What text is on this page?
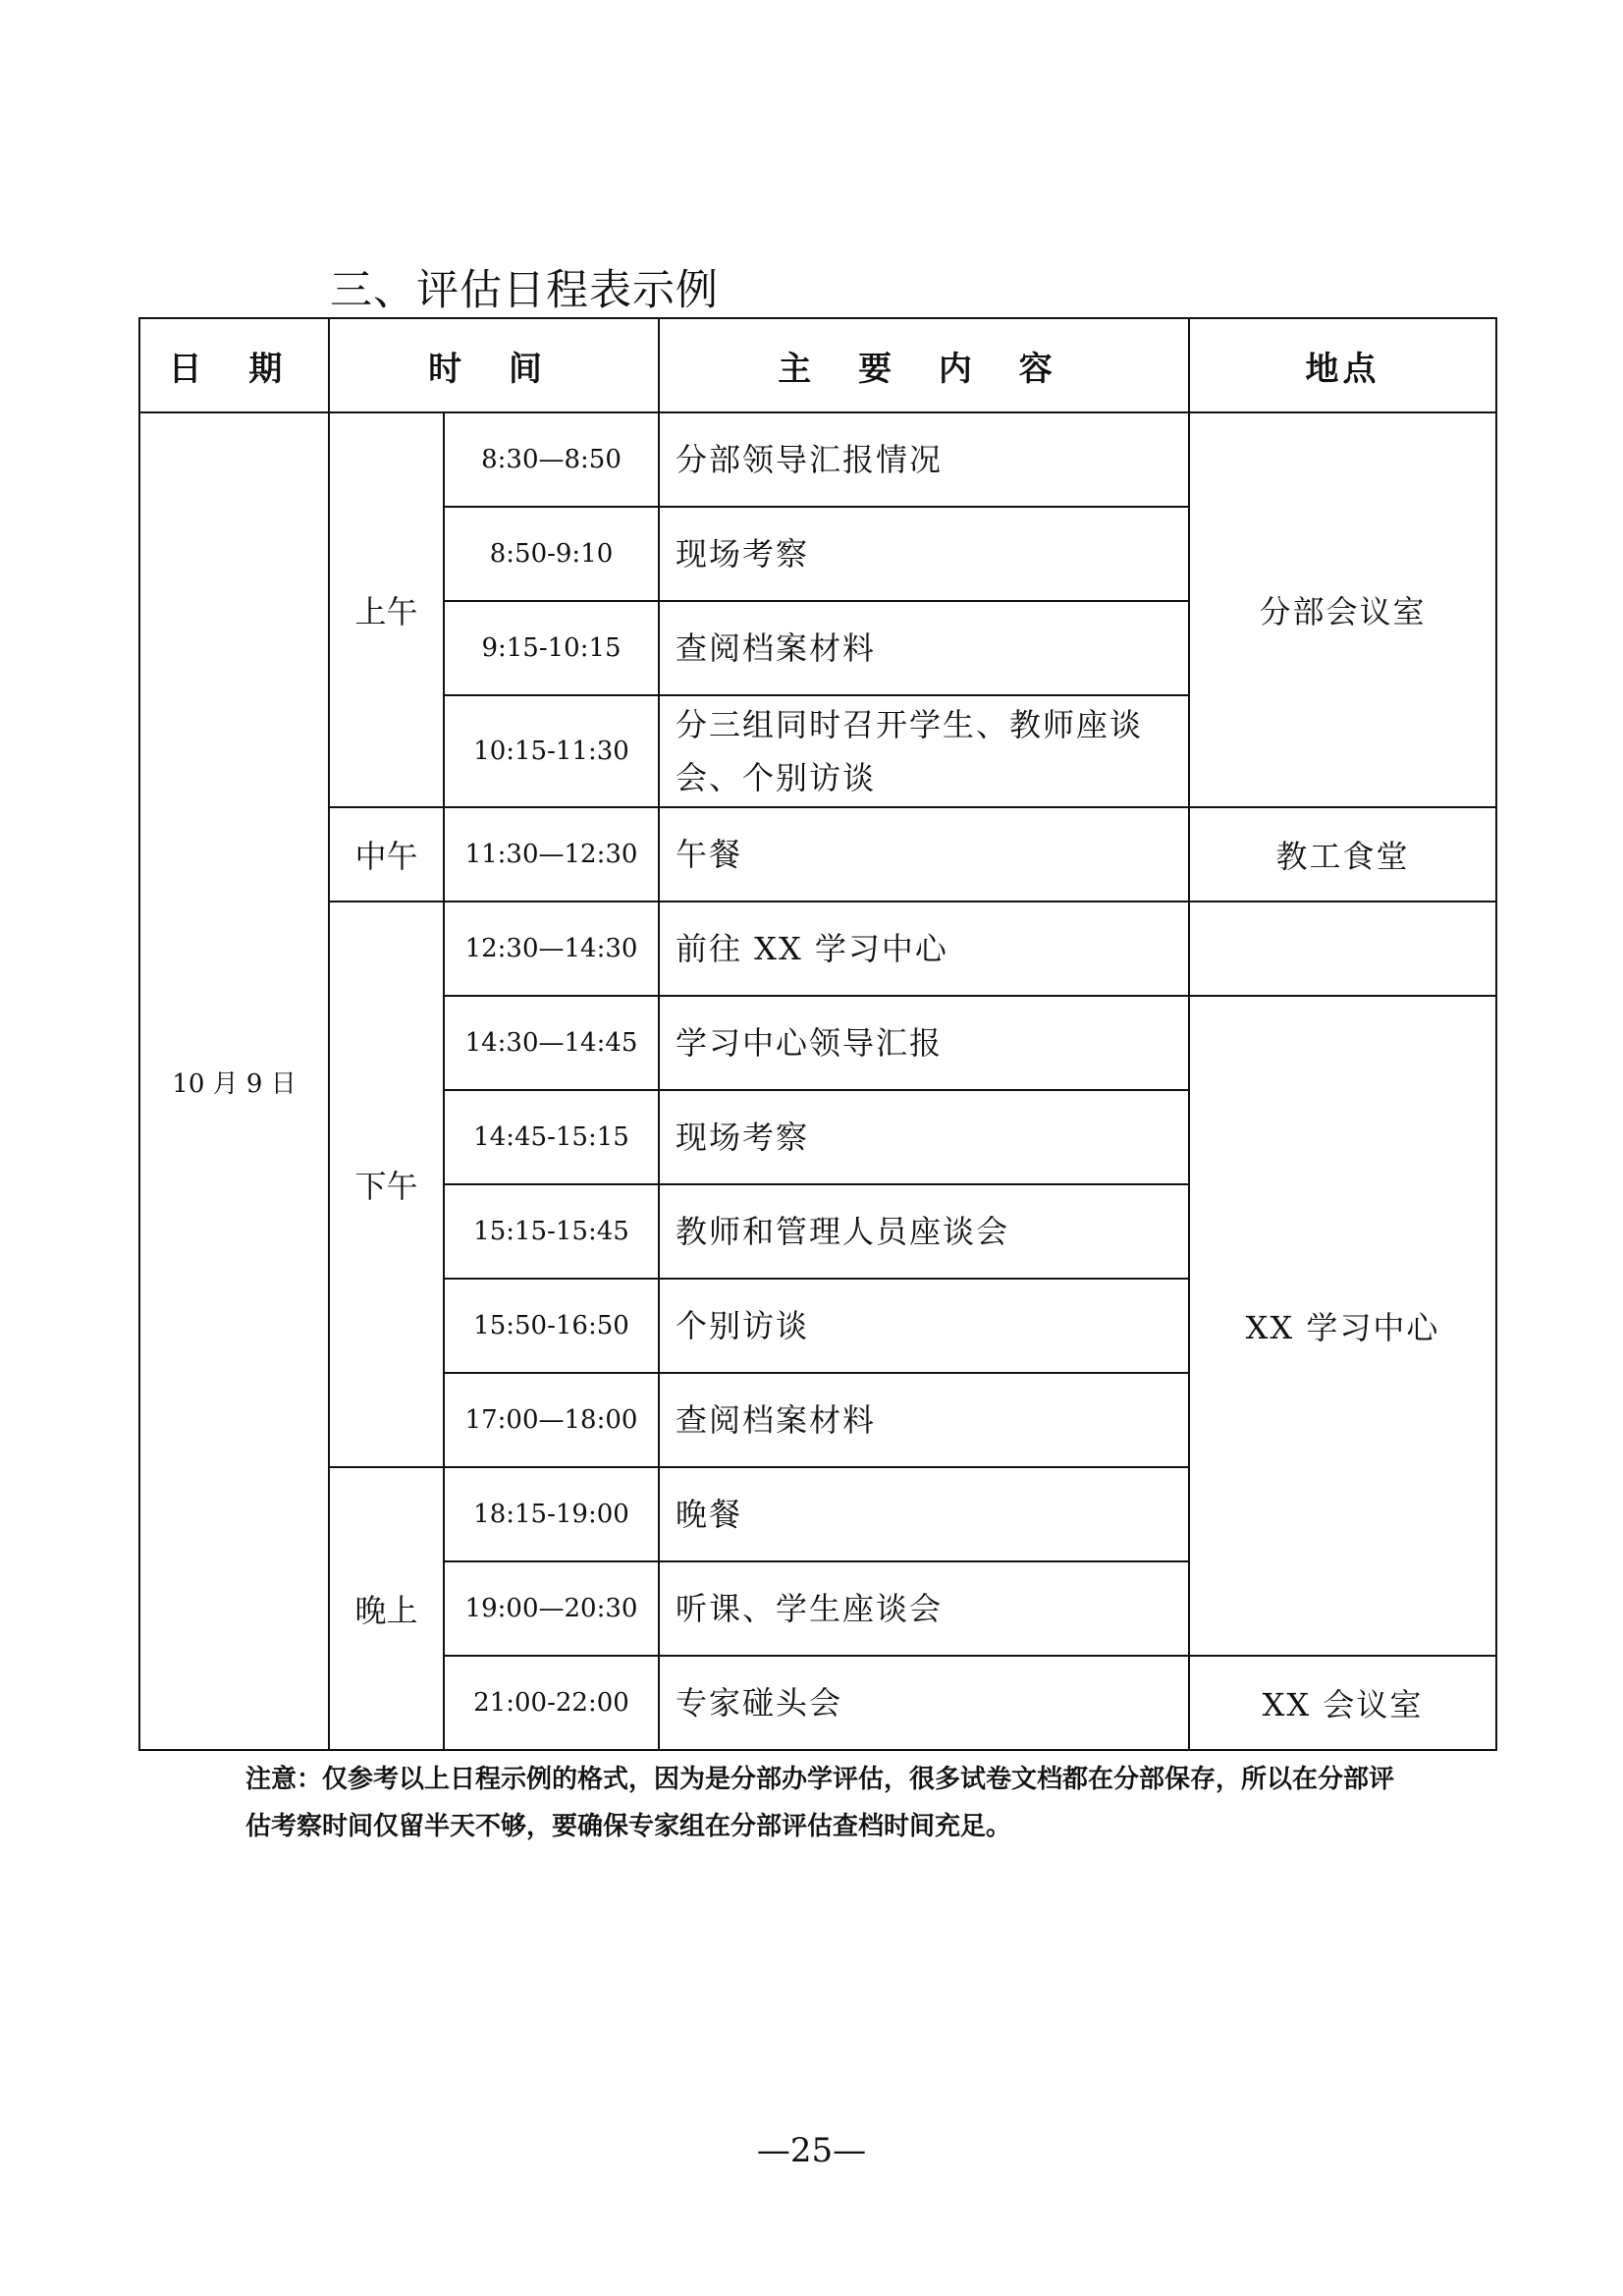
三、评估日程表示例
日 期	时 间		主 要 内 容	地点
10 月 9 日	上午	8:30—8:50	分部领导汇报情况	分部会议室
		8:50-9:10	现场考察	
		9:15-10:15	查阅档案材料	
		10:15-11:30	分三组同时召开学生、教师座谈会、个别访谈	
	中午	11:30—12:30	午餐	教工食堂
	下午	12:30—14:30	前往 XX 学习中心	
		14:30—14:45	学习中心领导汇报	XX 学习中心
		14:45-15:15	现场考察	
		15:15-15:45	教师和管理人员座谈会	
		15:50-16:50	个别访谈	
		17:00—18:00	查阅档案材料	
	晚上	18:15-19:00	晚餐	
		19:00—20:30	听课、学生座谈会	
		21:00-22:00	专家碰头会	XX 会议室
注意：仅参考以上日程示例的格式，因为是分部办学评估，很多试卷文档都在分部保存，所以在分部评估考察时间仅留半天不够，要确保专家组在分部评估查档时间充足。
—25—
